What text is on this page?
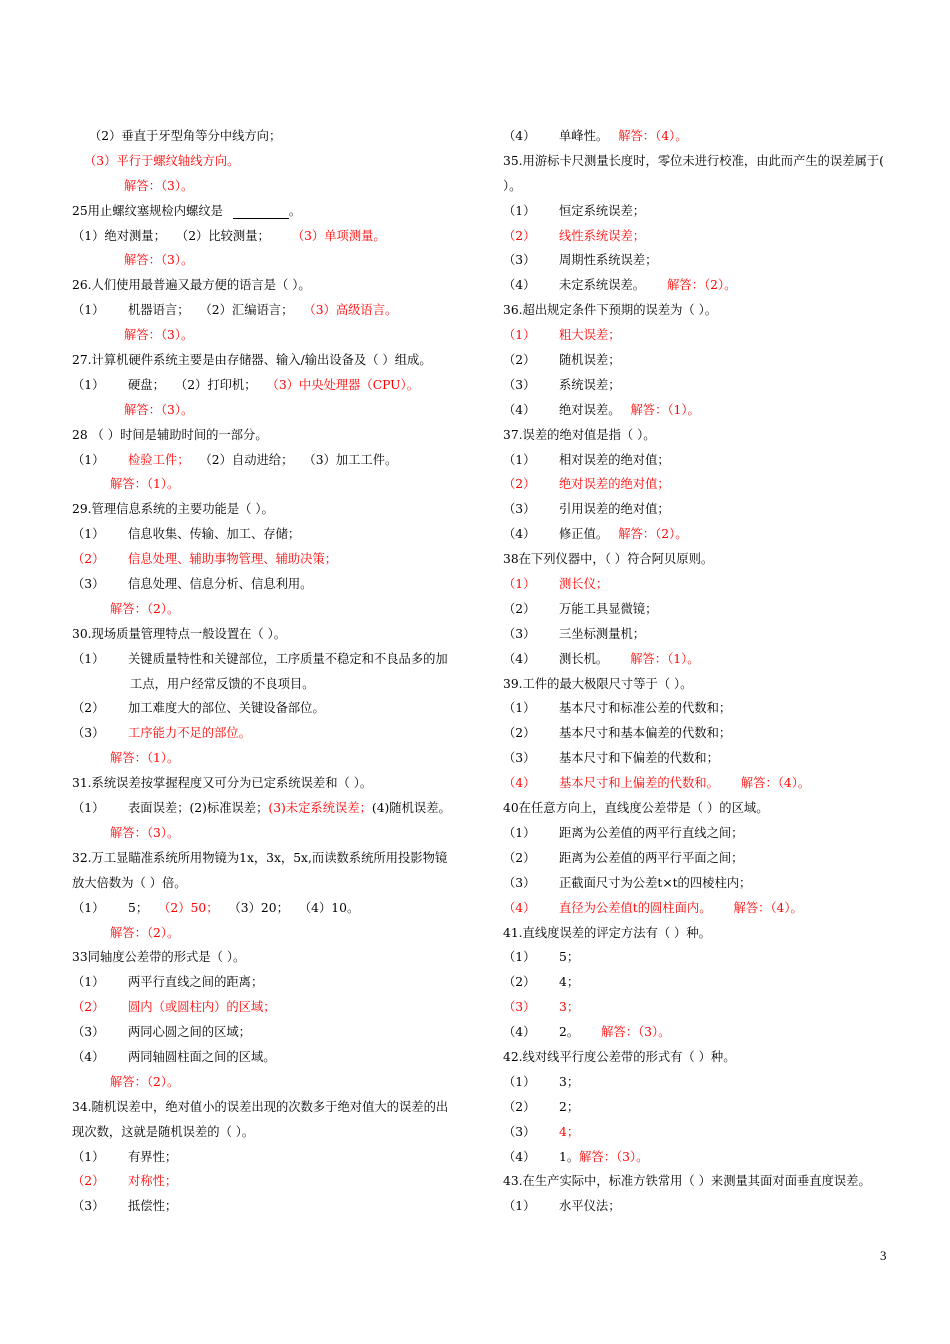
（2）垂直于牙型角等分中线方向；
（3）平行于螺纹轴线方向。
解答：（3）。
25用止螺纹塞规检内螺纹是	。
（1）绝对测量； （2）比较测量； （3）单项测量。
解答：（3）。
26.人们使用最普遍又最方便的语言是（ ）。
（1）	机器语言； （2）汇编语言； （3）高级语言。
解答：（3）。
27.计算机硬件系统主要是由存储器、输入/输出设备及（ ）组成。
（1）	硬盘； （2）打印机； （3）中央处理器（CPU）。
解答：（3）。
28 （ ）时间是辅助时间的一部分。
（1）	检验工件； （2）自动进给； （3）加工工件。
解答：（1）。
29.管理信息系统的主要功能是（ ）。
（1）	信息收集、传输、加工、存储；
（2）	信息处理、辅助事物管理、辅助决策；
（3）	信息处理、信息分析、信息利用。
解答：（2）。
30.现场质量管理特点一般设置在（ ）。
（1）	关键质量特性和关键部位，工序质量不稳定和不良品多的加
工点，用户经常反馈的不良项目。
（2）	加工难度大的部位、关键设备部位。
（3）	工序能力不足的部位。
解答：（1）。
31.系统误差按掌握程度又可分为已定系统误差和（ ）。
（1）	表面误差；(2)标准误差； (3)未定系统误差； (4)随机误差。
解答：（3）。
32.万工显瞄准系统所用物镜为1x，3x，5x,而读数系统所用投影物镜
放大倍数为（ ）倍。
（1）	5； （2）50； （3）20； （4）10。
解答：（2）。
33同轴度公差带的形式是（ ）。
（1）	两平行直线之间的距离；
（2）	圆内（或圆柱内）的区域；
（3）	两同心圆之间的区域；
（4）	两同轴圆柱面之间的区域。
解答：（2）。
34.随机误差中，绝对值小的误差出现的次数多于绝对值大的误差的出
现次数，这就是随机误差的（ ）。
（1）	有界性；
（2）	对称性；
（3）	抵偿性；
（4）	单峰性。 解答：（4）。
35.用游标卡尺测量长度时，零位未进行校准，由此而产生的误差属于(
）。
（1）	恒定系统误差；
（2）	线性系统误差；
（3）	周期性系统误差；
（4）	未定系统误差。 解答：（2）。
36.超出规定条件下预期的误差为（ ）。
（1）	粗大误差；
（2）	随机误差；
（3）	系统误差；
（4）	绝对误差。 解答：（1）。
37.误差的绝对值是指（ ）。
（1）	相对误差的绝对值；
（2）	绝对误差的绝对值；
（3）	引用误差的绝对值；
（4）	修正值。 解答：（2）。
38在下列仪器中，（ ）符合阿贝原则。
（1）	测长仪；
（2）	万能工具显微镜；
（3）	三坐标测量机；
（4）	测长机。 解答：（1）。
39.工件的最大极限尺寸等于（ ）。
（1）	基本尺寸和标准公差的代数和；
（2）	基本尺寸和基本偏差的代数和；
（3）	基本尺寸和下偏差的代数和；
（4）	基本尺寸和上偏差的代数和。 解答：（4）。
40在任意方向上，直线度公差带是（ ）的区域。
（1）	距离为公差值的两平行直线之间；
（2）	距离为公差值的两平行平面之间；
（3）	正截面尺寸为公差t×t的四棱柱内；
（4）	直径为公差值t的圆柱面内。 解答：（4）。
41.直线度误差的评定方法有（ ）种。
（1）	5；
（2）	4；
（3）	3；
（4）	2。 解答：（3）。
42.线对线平行度公差带的形式有（ ）种。
（1）	3；
（2）	2；
（3）	4；
（4）	1。 解答：（3）。
43.在生产实际中，标准方铁常用（ ）来测量其面对面垂直度误差。
（1）	水平仪法；
3
